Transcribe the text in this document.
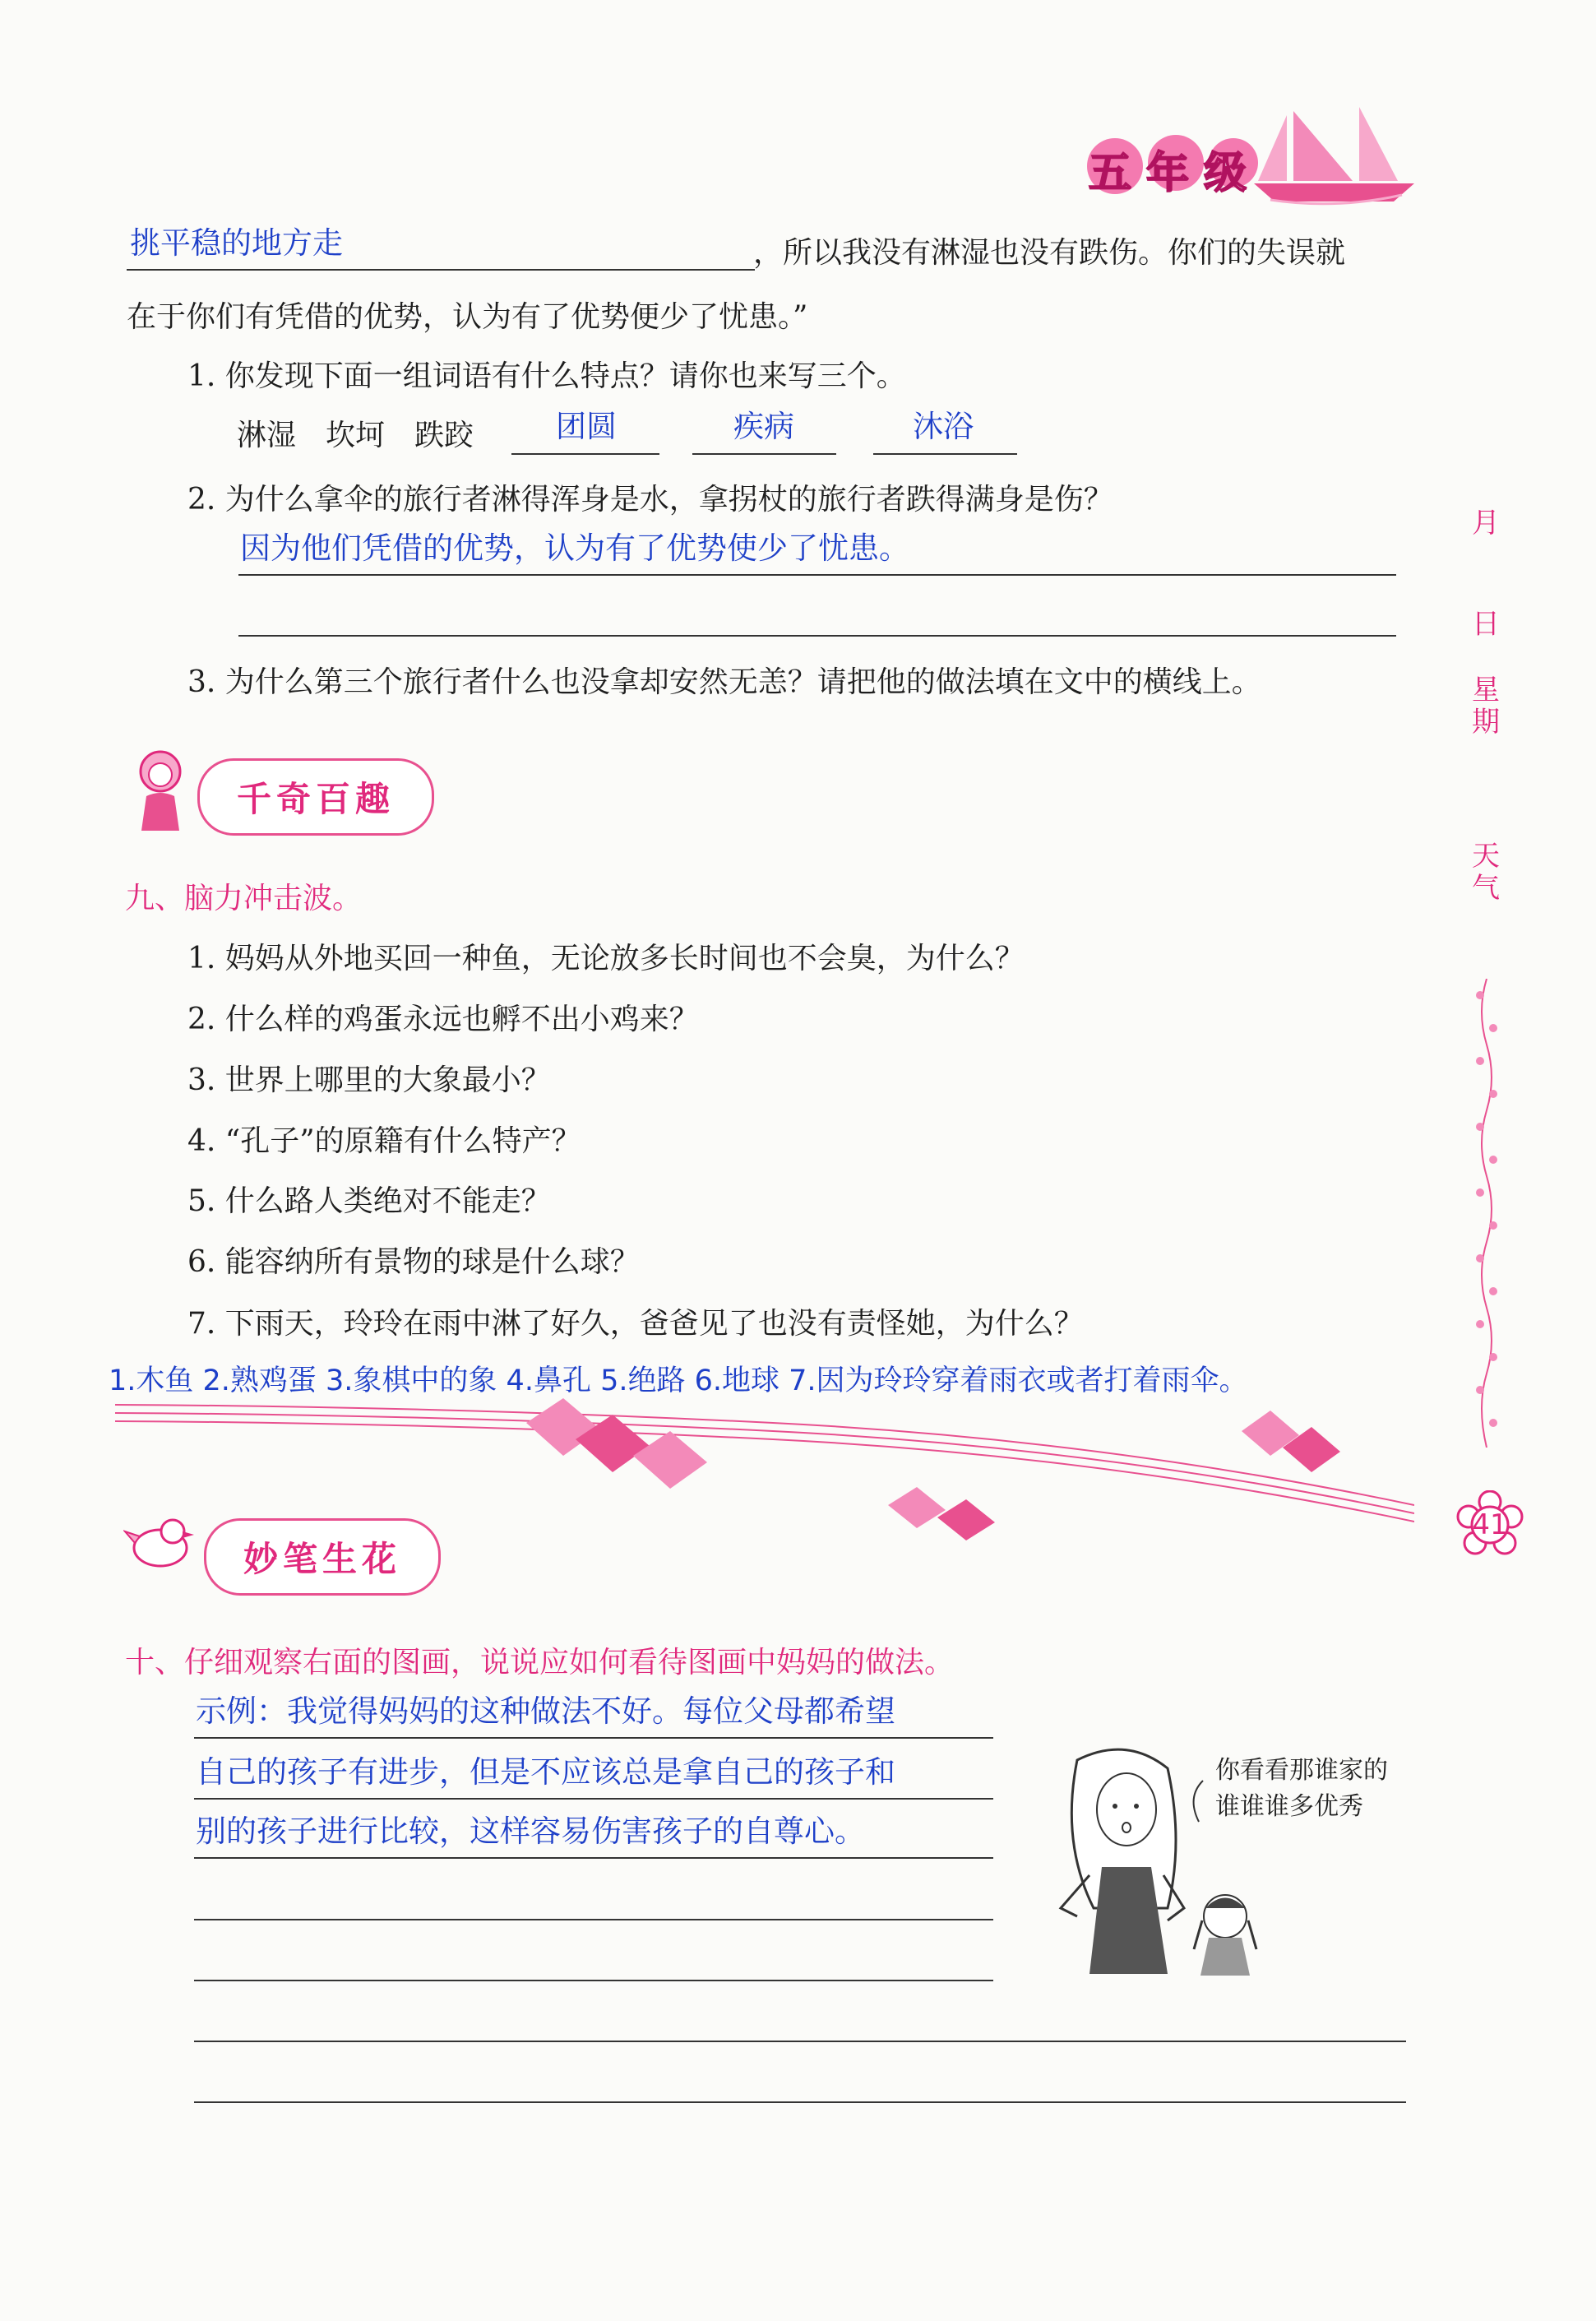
五年级
挑平稳的地方走	，所以我没有淋湿也没有跌伤。你们的失误就
在于你们有凭借的优势，认为有了优势便少了忧患。”
1. 你发现下面一组词语有什么特点？请你也来写三个。
淋湿　坎坷　跌跤	团圆	疾病	沐浴
2. 为什么拿伞的旅行者淋得浑身是水，拿拐杖的旅行者跌得满身是伤？
因为他们凭借的优势，认为有了优势使少了忧患。
3. 为什么第三个旅行者什么也没拿却安然无恙？请把他的做法填在文中的横线上。
千奇百趣
九、脑力冲击波。
1. 妈妈从外地买回一种鱼，无论放多长时间也不会臭，为什么？
2. 什么样的鸡蛋永远也孵不出小鸡来？
3. 世界上哪里的大象最小？
4. “孔子”的原籍有什么特产？
5. 什么路人类绝对不能走？
6. 能容纳所有景物的球是什么球？
7. 下雨天，玲玲在雨中淋了好久，爸爸见了也没有责怪她，为什么？
1.木鱼 2.熟鸡蛋 3.象棋中的象 4.鼻孔 5.绝路 6.地球 7.因为玲玲穿着雨衣或者打着雨伞。
妙笔生花
十、仔细观察右面的图画，说说应如何看待图画中妈妈的做法。
示例：我觉得妈妈的这种做法不好。每位父母都希望
自己的孩子有进步，但是不应该总是拿自己的孩子和
别的孩子进行比较，这样容易伤害孩子的自尊心。
你看看那谁家的
谁谁谁多优秀
月
日
星期
天气
41
